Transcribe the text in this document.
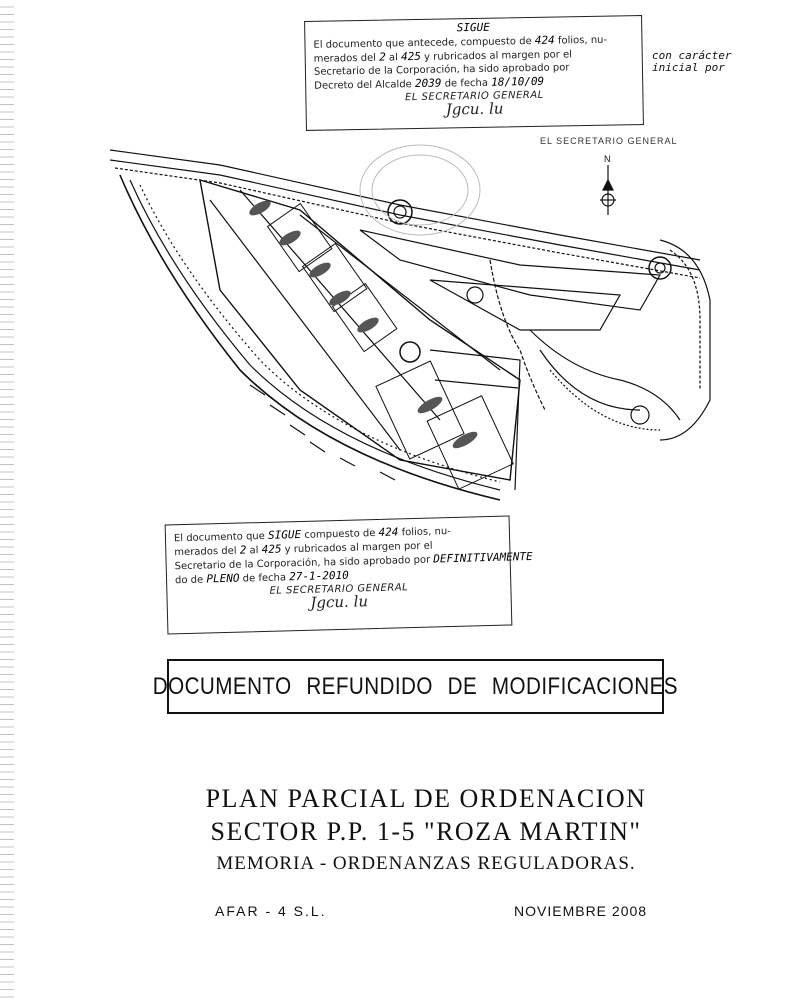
SIGUE
El documento que antecede, compuesto de 424 folios, nu-
merados del 2 al 425 y rubricados al margen por el
Secretario de la Corporación, ha sido aprobado por
Decreto del Alcalde 2039 de fecha 18/10/09
EL SECRETARIO GENERAL
Jgcu. lu
con carácter
inicial por
EL SECRETARIO GENERAL
N
El documento que SIGUE compuesto de 424 folios, nu-
merados del 2 al 425 y rubricados al margen por el
Secretario de la Corporación, ha sido aprobado por DEFINITIVAMENTE
do de PLENO de fecha 27-1-2010
EL SECRETARIO GENERAL
Jgcu. lu
DOCUMENTO REFUNDIDO DE MODIFICACIONES
PLAN PARCIAL DE ORDENACION
SECTOR P.P. 1-5 "ROZA MARTIN"
MEMORIA - ORDENANZAS REGULADORAS.
AFAR - 4 S.L.	NOVIEMBRE 2008
